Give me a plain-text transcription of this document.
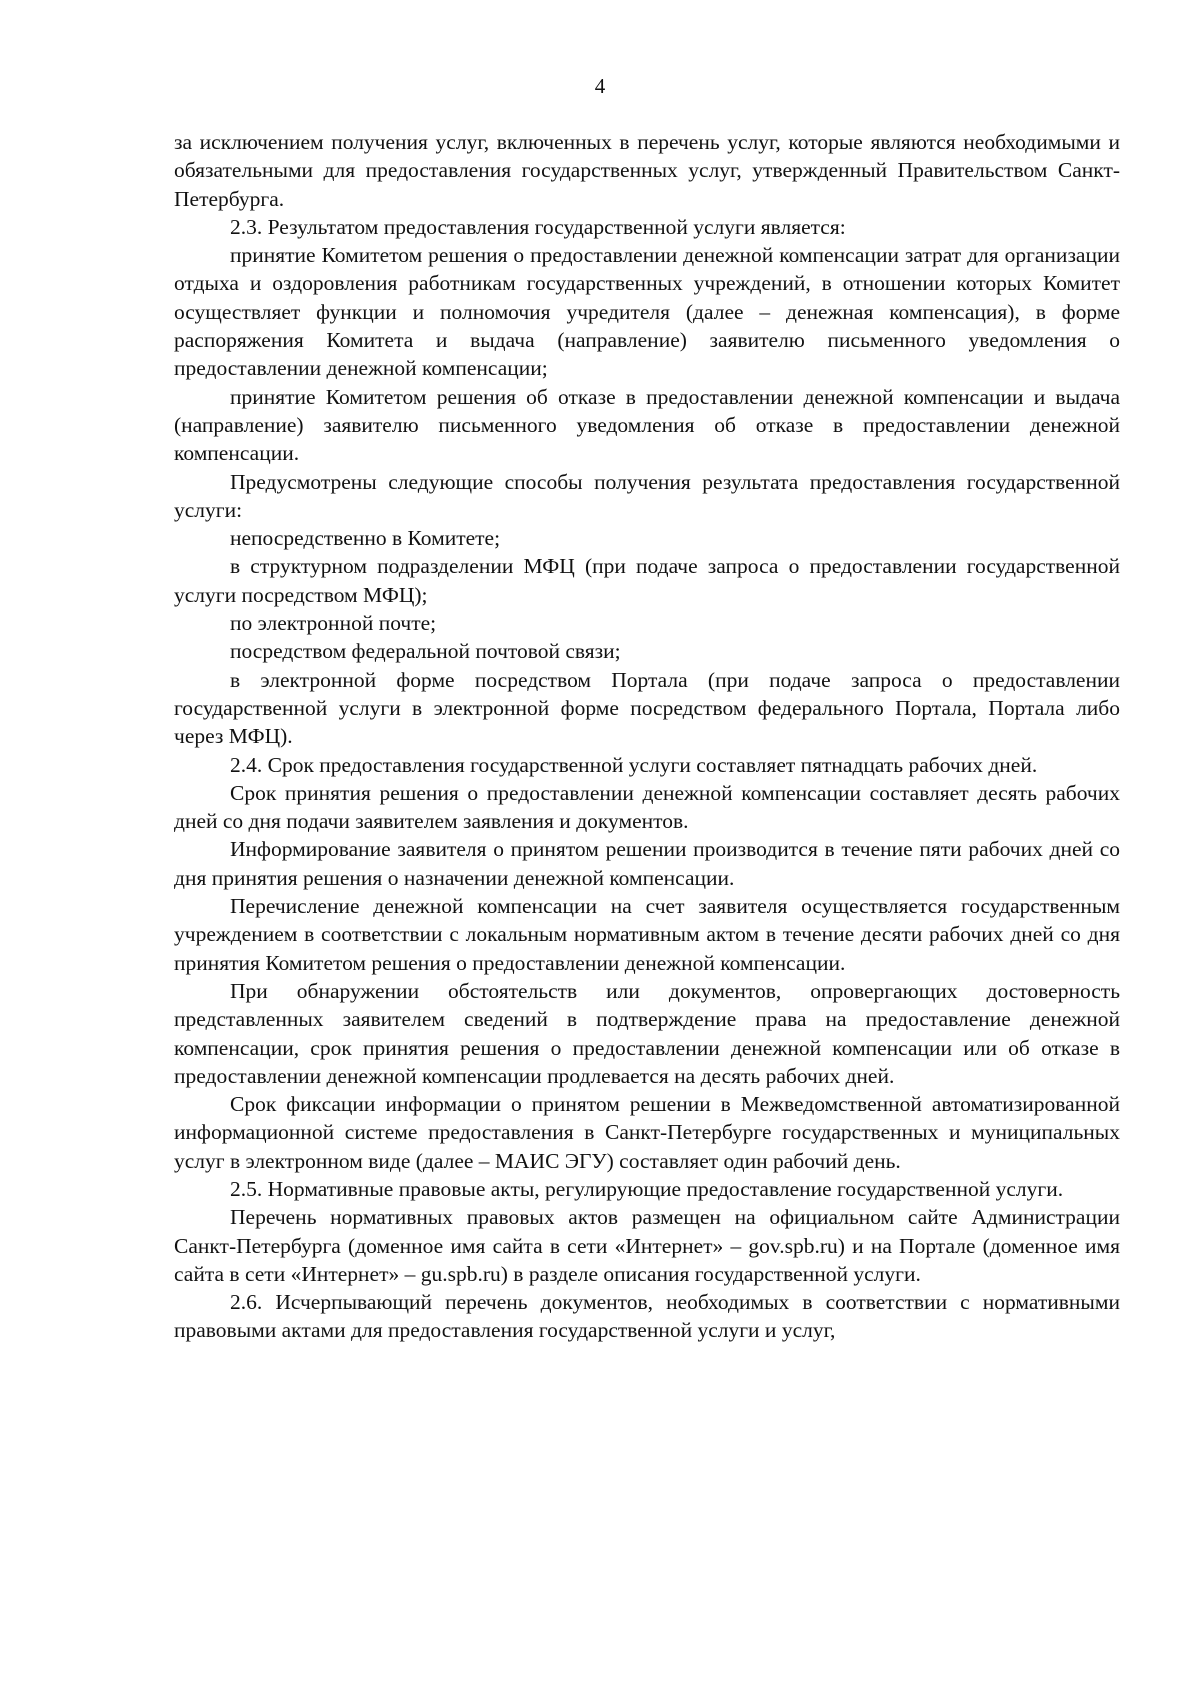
4

за исключением получения услуг, включенных в перечень услуг, которые являются необходимыми и обязательными для предоставления государственных услуг, утвержденный Правительством Санкт-Петербурга.

2.3. Результатом предоставления государственной услуги является:

принятие Комитетом решения о предоставлении денежной компенсации затрат для организации отдыха и оздоровления работникам государственных учреждений, в отношении которых Комитет осуществляет функции и полномочия учредителя (далее – денежная компенсация), в форме распоряжения Комитета и выдача (направление) заявителю письменного уведомления о предоставлении денежной компенсации;

принятие Комитетом решения об отказе в предоставлении денежной компенсации и выдача (направление) заявителю письменного уведомления об отказе в предоставлении денежной компенсации.

Предусмотрены следующие способы получения результата предоставления государственной услуги:

непосредственно в Комитете;

в структурном подразделении МФЦ (при подаче запроса о предоставлении государственной услуги посредством МФЦ);

по электронной почте;

посредством федеральной почтовой связи;

в электронной форме посредством Портала (при подаче запроса о предоставлении государственной услуги в электронной форме посредством федерального Портала, Портала либо через МФЦ).

2.4. Срок предоставления государственной услуги составляет пятнадцать рабочих дней.

Срок принятия решения о предоставлении денежной компенсации составляет десять рабочих дней со дня подачи заявителем заявления и документов.

Информирование заявителя о принятом решении производится в течение пяти рабочих дней со дня принятия решения о назначении денежной компенсации.

Перечисление денежной компенсации на счет заявителя осуществляется государственным учреждением в соответствии с локальным нормативным актом в течение десяти рабочих дней со дня принятия Комитетом решения о предоставлении денежной компенсации.

При обнаружении обстоятельств или документов, опровергающих достоверность представленных заявителем сведений в подтверждение права на предоставление денежной компенсации, срок принятия решения о предоставлении денежной компенсации или об отказе в предоставлении денежной компенсации продлевается на десять рабочих дней.

Срок фиксации информации о принятом решении в Межведомственной автоматизированной информационной системе предоставления в Санкт-Петербурге государственных и муниципальных услуг в электронном виде (далее – МАИС ЭГУ) составляет один рабочий день.

2.5. Нормативные правовые акты, регулирующие предоставление государственной услуги.

Перечень нормативных правовых актов размещен на официальном сайте Администрации Санкт-Петербурга (доменное имя сайта в сети «Интернет» – gov.spb.ru) и на Портале (доменное имя сайта в сети «Интернет» – gu.spb.ru) в разделе описания государственной услуги.

2.6. Исчерпывающий перечень документов, необходимых в соответствии с нормативными правовыми актами для предоставления государственной услуги и услуг,
